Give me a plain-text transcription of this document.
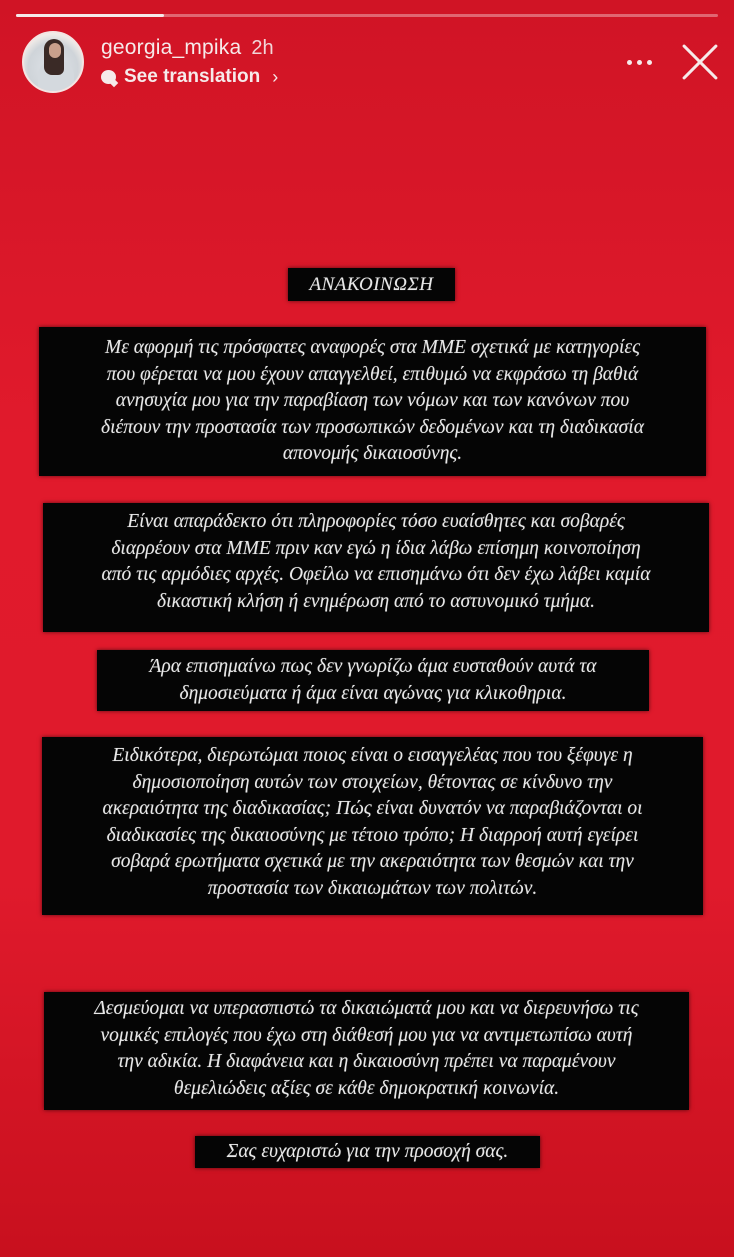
georgia_mpika 2h
See translation ›
ΑΝΑΚΟΙΝΩΣΗ
Με αφορμή τις πρόσφατες αναφορές στα ΜΜΕ σχετικά με κατηγορίες
που φέρεται να μου έχουν απαγγελθεί, επιθυμώ να εκφράσω τη βαθιά
ανησυχία μου για την παραβίαση των νόμων και των κανόνων που
διέπουν την προστασία των προσωπικών δεδομένων και τη διαδικασία
απονομής δικαιοσύνης.
Είναι απαράδεκτο ότι πληροφορίες τόσο ευαίσθητες και σοβαρές
διαρρέουν στα ΜΜΕ πριν καν εγώ η ίδια λάβω επίσημη κοινοποίηση
από τις αρμόδιες αρχές. Οφείλω να επισημάνω ότι δεν έχω λάβει καμία
δικαστική κλήση ή ενημέρωση από το αστυνομικό τμήμα.
Άρα επισημαίνω πως δεν γνωρίζω άμα ευσταθούν αυτά τα
δημοσιεύματα ή άμα είναι αγώνας για κλικοθηρια.
Ειδικότερα, διερωτώμαι ποιος είναι ο εισαγγελέας που του ξέφυγε η
δημοσιοποίηση αυτών των στοιχείων, θέτοντας σε κίνδυνο την
ακεραιότητα της διαδικασίας; Πώς είναι δυνατόν να παραβιάζονται οι
διαδικασίες της δικαιοσύνης με τέτοιο τρόπο; Η διαρροή αυτή εγείρει
σοβαρά ερωτήματα σχετικά με την ακεραιότητα των θεσμών και την
προστασία των δικαιωμάτων των πολιτών.
Δεσμεύομαι να υπερασπιστώ τα δικαιώματά μου και να διερευνήσω τις
νομικές επιλογές που έχω στη διάθεσή μου για να αντιμετωπίσω αυτή
την αδικία. Η διαφάνεια και η δικαιοσύνη πρέπει να παραμένουν
θεμελιώδεις αξίες σε κάθε δημοκρατική κοινωνία.
Σας ευχαριστώ για την προσοχή σας.
